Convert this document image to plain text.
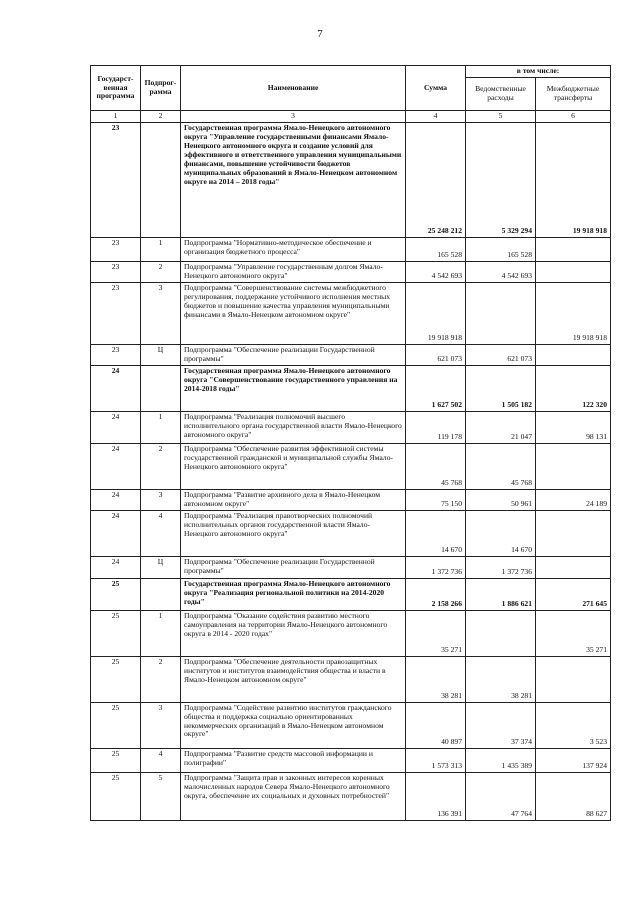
7
Государст-венная программа	Подпрог-рамма	Наименование	Сумма	в том числе:	
				Ведомственные расходы	Межбюджетные трансферты
1	2	3	4	5	6
23		Государственная программа Ямало-Ненецкого автономного округа "Управление государственными финансами Ямало-Ненецкого автономного округа и создание условий для эффективного и ответственного управления муниципальными финансами, повышение устойчивости бюджетов муниципальных образований в Ямало-Ненецком автономном округе на 2014 – 2018 годы"	25 248 212	5 329 294	19 918 918
23	1	Подпрограмма "Нормативно-методическое обеспечение и организация бюджетного процесса"	165 528	165 528	
23	2	Подпрограмма "Управление государственным долгом Ямало-Ненецкого автономного округа"	4 542 693	4 542 693	
23	3	Подпрограмма "Совершенствование системы межбюджетного регулирования, поддержание устойчивого исполнения местных бюджетов и повышение качества управления муниципальными финансами в Ямало-Ненецком автономном округе"	19 918 918		19 918 918
23	Ц	Подпрограмма "Обеспечение реализации Государственной программы"	621 073	621 073	
24		Государственная программа Ямало-Ненецкого автономного округа "Совершенствование государственного управления на 2014-2018 годы"	1 627 502	1 505 182	122 320
24	1	Подпрограмма "Реализация полномочий высшего исполнительного органа государственной власти Ямало-Ненецкого автономного округа"	119 178	21 047	98 131
24	2	Подпрограмма "Обеспечение развития эффективной системы государственной гражданской и муниципальной службы Ямало-Ненецкого автономного округа"	45 768	45 768	
24	3	Подпрограмма "Развитие архивного дела в Ямало-Ненецком автономном округе"	75 150	50 961	24 189
24	4	Подпрограмма "Реализация правотворческих полномочий исполнительных органов государственной власти Ямало-Ненецкого автономного округа"	14 670	14 670	
24	Ц	Подпрограмма "Обеспечение реализации Государственной программы"	1 372 736	1 372 736	
25		Государственная программа Ямало-Ненецкого автономного округа "Реализация региональной политики на 2014-2020 годы"	2 158 266	1 886 621	271 645
25	1	Подпрограмма "Оказание содействия развитию местного самоуправления на территории Ямало-Ненецкого автономного округа в 2014 - 2020 годах"	35 271		35 271
25	2	Подпрограмма "Обеспечение деятельности правозащитных институтов и институтов взаимодействия общества и власти в Ямало-Ненецком автономном округе"	38 281	38 281	
25	3	Подпрограмма "Содействие развитию институтов гражданского общества и поддержка социально ориентированных некоммерческих организаций в Ямало-Ненецком автономном округе"	40 897	37 374	3 523
25	4	Подпрограмма "Развитие средств массовой информации и полиграфии"	1 573 313	1 435 389	137 924
25	5	Подпрограмма "Защита прав и законных интересов коренных малочисленных народов Севера Ямало-Ненецкого автономного округа, обеспечение их социальных и духовных потребностей"	136 391	47 764	88 627
